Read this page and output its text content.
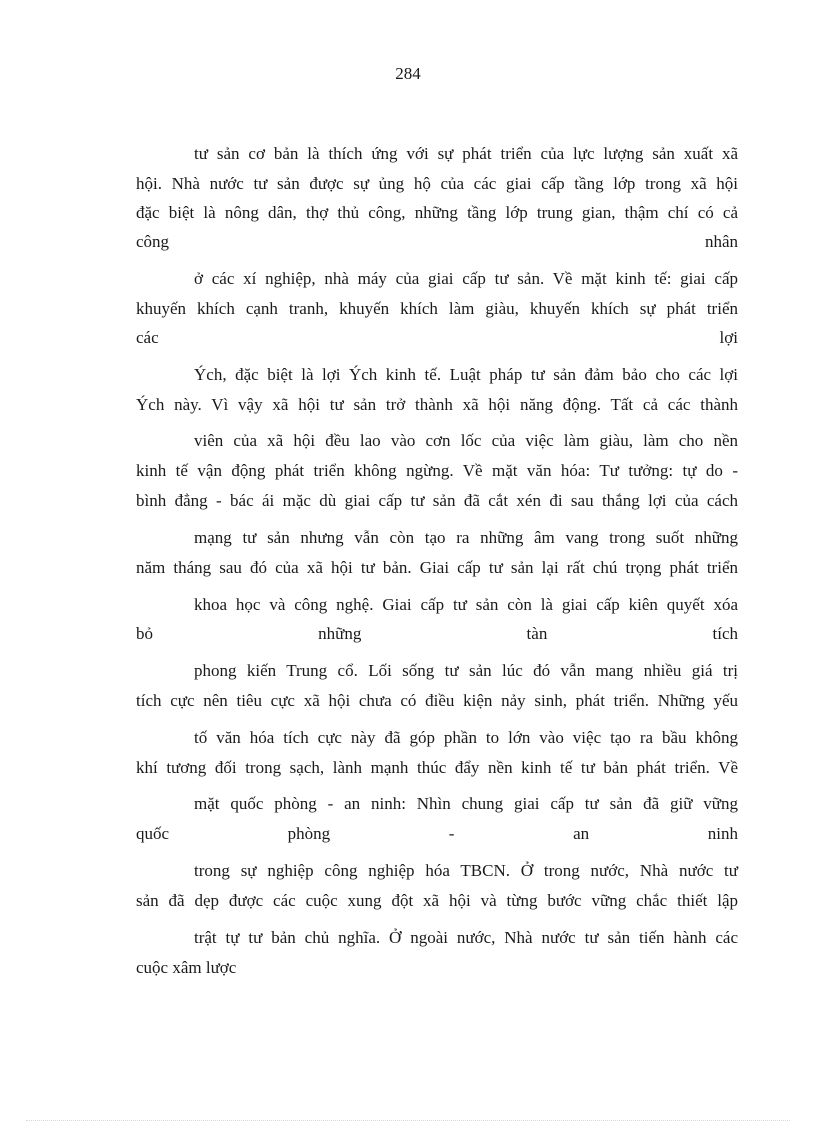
284
tư sản cơ bản là thích ứng với sự phát triển của lực lượng sản xuất xã
hội. Nhà nước tư sản được sự ủng hộ của các giai cấp tầng lớp trong xã hội
đặc biệt là nông dân, thợ thủ công, những tầng lớp trung gian, thậm chí có cả
công nhân
ở các xí nghiệp, nhà máy của giai cấp tư sản. Về mặt kinh tế: giai cấp
khuyến khích cạnh tranh, khuyến khích làm giàu, khuyến khích sự phát triển
các lợi
Ých, đặc biệt là lợi Ých kinh tế. Luật pháp tư sản đảm bảo cho các lợi
Ých này. Vì vậy xã hội tư sản trở thành xã hội năng động. Tất cả các thành
viên của xã hội đều lao vào cơn lốc của việc làm giàu, làm cho nền
kinh tế vận động phát triển không ngừng. Về mặt văn hóa: Tư tưởng: tự do -
bình đẳng - bác ái mặc dù giai cấp tư sản đã cắt xén đi sau thắng lợi của cách
mạng tư sản nhưng vẫn còn tạo ra những âm vang trong suốt những
năm tháng sau đó của xã hội tư bản. Giai cấp tư sản lại rất chú trọng phát triển
khoa học và công nghệ. Giai cấp tư sản còn là giai cấp kiên quyết xóa
bỏ những tàn tích
phong kiến Trung cổ. Lối sống tư sản lúc đó vẫn mang nhiều giá trị
tích cực nên tiêu cực xã hội chưa có điều kiện nảy sinh, phát triển. Những yếu
tố văn hóa tích cực này đã góp phần to lớn vào việc tạo ra bầu không
khí tương đối trong sạch, lành mạnh thúc đẩy nền kinh tế tư bản phát triển. Về
mặt quốc phòng - an ninh: Nhìn chung giai cấp tư sản đã giữ vững
quốc phòng - an ninh
trong sự nghiệp công nghiệp hóa TBCN. Ở trong nước, Nhà nước tư
sản đã dẹp được các cuộc xung đột xã hội và từng bước vững chắc thiết lập
trật tự tư bản chủ nghĩa. Ở ngoài nước, Nhà nước tư sản tiến hành các
cuộc xâm lược
